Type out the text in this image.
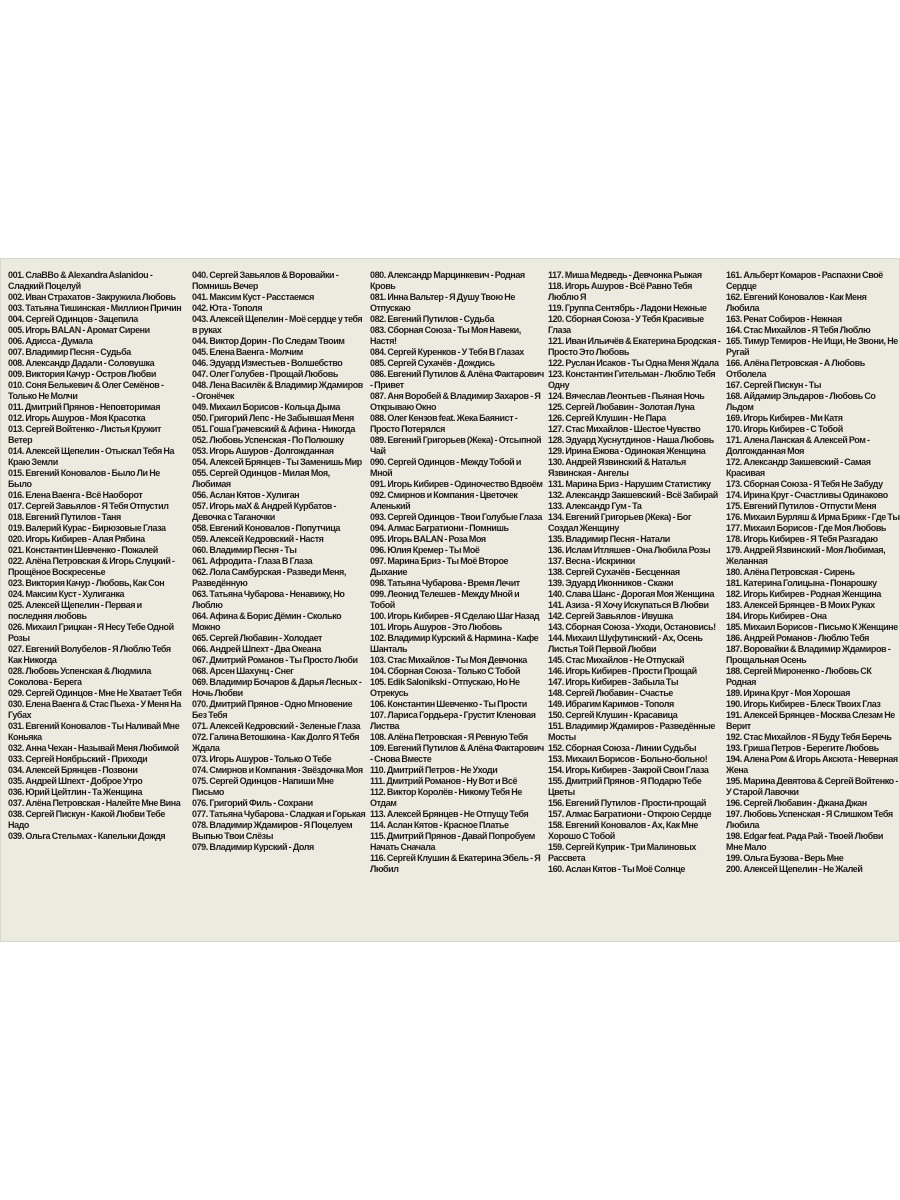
001. СлаВВо & Alexandra Aslanidou - Сладкий Поцелуй
002. Иван Страхатов - Закружила Любовь
003. Татьяна Тишинская - Миллион Причин
004. Сергей Одинцов - Зацепила
005. Игорь BALAN - Аромат Сирени
006. Адисса - Думала
007. Владимир Песня - Судьба
008. Александр Дадали - Соловушка
009. Виктория Качур - Остров Любви
010. Соня Белькевич & Олег Семёнов - Только Не Молчи
011. Дмитрий Прянов - Неповторимая
012. Игорь Ашуров - Моя Красотка
013. Сергей Войтенко - Листья Кружит Ветер
014. Алексей Щепелин - Отыскал Тебя На Краю Земли
015. Евгений Коновалов - Было Ли Не Было
016. Елена Ваенга - Всё Наоборот
017. Сергей Завьялов - Я Тебя Отпустил
018. Евгений Путилов - Таня
019. Валерий Курас - Бирюзовые Глаза
020. Игорь Кибирев - Алая Рябина
021. Константин Шевченко - Пожалей
022. Алёна Петровская & Игорь Слуцкий - Прощёное Воскресенье
023. Виктория Качур - Любовь, Как Сон
024. Максим Куст - Хулиганка
025. Алексей Щепелин - Первая и последняя любовь
026. Михаил Грицкан - Я Несу Тебе Одной Розы
027. Евгений Волубелов - Я Люблю Тебя Как Никогда
028. Любовь Успенская & Людмила Соколова - Берега
029. Сергей Одинцов - Мне Не Хватает Тебя
030. Елена Ваенга & Стас Пьеха - У Меня На Губах
031. Евгений Коновалов - Ты Наливай Мне Коньяка
032. Анна Чехан - Называй Меня Любимой
033. Сергей Ноябрьский - Приходи
034. Алексей Брянцев - Позвони
035. Андрей Шпехт - Доброе Утро
036. Юрий Цейтлин - Та Женщина
037. Алёна Петровская - Налейте Мне Вина
038. Сергей Пискун - Какой Любви Тебе Надо
039. Ольга Стельмах - Капельки Дождя
040. Сергей Завьялов & Воровайки - Помнишь Вечер
041. Максим Куст - Расстаемся
042. Юта - Тополя
043. Алексей Щепелин - Моё сердце у тебя в руках
044. Виктор Дорин - По Следам Твоим
045. Елена Ваенга - Молчим
046. Эдуард Изместьев - Волшебство
047. Олег Голубев - Прощай Любовь
048. Лена Василёк & Владимир Ждамиров - Огонёчек
049. Михаил Борисов - Кольца Дыма
050. Григорий Лепс - Не Забывшая Меня
051. Гоша Грачевский & Афина - Никогда
052. Любовь Успенская - По Полюшку
053. Игорь Ашуров - Долгожданная
054. Алексей Брянцев - Ты Заменишь Мир
055. Сергей Одинцов - Милая Моя, Любимая
056. Аслан Кятов - Хулиган
057. Игорь маХ & Андрей Курбатов - Девочка с Таганочки
058. Евгений Коновалов - Попутчица
059. Алексей Кедровский - Настя
060. Владимир Песня - Ты
061. Афродита - Глаза В Глаза
062. Лола Самбурская - Разведи Меня, Разведённую
063. Татьяна Чубарова - Ненавижу, Но Люблю
064. Афина & Борис Дёмин - Сколько Можно
065. Сергей Любавин - Холодает
066. Андрей Шпехт - Два Океана
067. Дмитрий Романов - Ты Просто Люби
068. Арсен Шахунц - Снег
069. Владимир Бочаров & Дарья Лесных - Ночь Любви
070. Дмитрий Прянов - Одно Мгновение Без Тебя
071. Алексей Кедровский - Зеленые Глаза
072. Галина Ветошкина - Как Долго Я Тебя Ждала
073. Игорь Ашуров - Только О Тебе
074. Смирнов и Компания - Звёздочка Моя
075. Сергей Одинцов - Напиши Мне Письмо
076. Григорий Филь - Сохрани
077. Татьяна Чубарова - Сладкая и Горькая
078. Владимир Ждамиров - Я Поцелуем Выпью Твои Слёзы
079. Владимир Курский - Доля
080. Александр Марцинкевич - Родная Кровь
081. Инна Вальтер - Я Душу Твою Не Отпускаю
082. Евгений Путилов - Судьба
083. Сборная Союза - Ты Моя Навеки, Настя!
084. Сергей Куренков - У Тебя В Глазах
085. Сергей Сухачёв - Дождись
086. Евгений Путилов & Алёна Фактарович - Привет
087. Аня Воробей & Владимир Захаров - Я Открываю Окно
088. Олег Кензов feat. Жека Баянист - Просто Потерялся
089. Евгений Григорьев (Жека) - Отсыпной Чай
090. Сергей Одинцов - Между Тобой и Мной
091. Игорь Кибирев - Одиночество Вдвоём
092. Смирнов и Компания - Цветочек Аленький
093. Сергей Одинцов - Твои Голубые Глаза
094. Алмас Багратиони - Помнишь
095. Игорь BALAN - Роза Моя
096. Юлия Кремер - Ты Моё
097. Марина Бриз - Ты Моё Второе Дыхание
098. Татьяна Чубарова - Время Лечит
099. Леонид Телешев - Между Мной и Тобой
100. Игорь Кибирев - Я Сделаю Шаг Назад
101. Игорь Ашуров - Это Любовь
102. Владимир Курский & Нармина - Кафе Шанталь
103. Стас Михайлов - Ты Моя Девчонка
104. Сборная Союза - Только С Тобой
105. Edik Salonikski - Отпускаю, Но Не Отрекусь
106. Константин Шевченко - Ты Прости
107. Лариса Гордьера - Грустит Кленовая Листва
108. Алёна Петровская - Я Ревную Тебя
109. Евгений Путилов & Алёна Фактарович - Снова Вместе
110. Дмитрий Петров - Не Уходи
111. Дмитрий Романов - Ну Вот и Всё
112. Виктор Королёв - Никому Тебя Не Отдам
113. Алексей Брянцев - Не Отпущу Тебя
114. Аслан Кятов - Красное Платье
115. Дмитрий Прянов - Давай Попробуем Начать Сначала
116. Сергей Клушин & Екатерина Эбель - Я Любил
117. Миша Медведь - Девчонка Рыжая
118. Игорь Ашуров - Всё Равно Тебя Люблю Я
119. Группа Сентябрь - Ладони Нежные
120. Сборная Союза - У Тебя Красивые Глаза
121. Иван Ильичёв & Екатерина Бродская - Просто Это Любовь
122. Руслан Исаков - Ты Одна Меня Ждала
123. Константин Гительман - Люблю Тебя Одну
124. Вячеслав Леонтьев - Пьяная Ночь
125. Сергей Любавин - Золотая Луна
126. Сергей Клушин - Не Пара
127. Стас Михайлов - Шестое Чувство
128. Эдуард Хуснутдинов - Наша Любовь
129. Ирина Ежова - Одинокая Женщина
130. Андрей Язвинский & Наталья Язвинская - Ангелы
131. Марина Бриз - Нарушим Статистику
132. Александр Закшевский - Всё Забирай
133. Александр Гум - Та
134. Евгений Григорьев (Жека) - Бог Создал Женщину
135. Владимир Песня - Натали
136. Ислам Итляшев - Она Любила Розы
137. Весна - Искринки
138. Сергей Сухачёв - Бесценная
139. Эдуард Иконников - Скажи
140. Слава Шанс - Дорогая Моя Женщина
141. Азиза - Я Хочу Искупаться В Любви
142. Сергей Завьялов - Ивушка
143. Сборная Союза - Уходи, Остановись!
144. Михаил Шуфутинский - Ах, Осень Листья Той Первой Любви
145. Стас Михайлов - Не Отпускай
146. Игорь Кибирев - Прости Прощай
147. Игорь Кибирев - Забыла Ты
148. Сергей Любавин - Счастье
149. Ибрагим Каримов - Тополя
150. Сергей Клушин - Красавица
151. Владимир Ждамиров - Разведённые Мосты
152. Сборная Союза - Линии Судьбы
153. Михаил Борисов - Больно-больно!
154. Игорь Кибирев - Закрой Свои Глаза
155. Дмитрий Прянов - Я Подарю Тебе Цветы
156. Евгений Путилов - Прости-прощай
157. Алмас Багратиони - Открою Сердце
158. Евгений Коновалов - Ах, Как Мне Хорошо С Тобой
159. Сергей Куприк - Три Малиновых Рассвета
160. Аслан Кятов - Ты Моё Солнце
161. Альберт Комаров - Распахни Своё Сердце
162. Евгений Коновалов - Как Меня Любила
163. Ренат Собиров - Нежная
164. Стас Михайлов - Я Тебя Люблю
165. Тимур Темиров - Не Ищи, Не Звони, Не Ругай
166. Алёна Петровская - А Любовь Отболела
167. Сергей Пискун - Ты
168. Айдамир Эльдаров - Любовь Со Льдом
169. Игорь Кибирев - Ми Катя
170. Игорь Кибирев - С Тобой
171. Алена Ланская & Алексей Ром - Долгожданная Моя
172. Александр Закшевский - Самая Красивая
173. Сборная Союза - Я Тебя Не Забуду
174. Ирина Круг - Счастливы Одинаково
175. Евгений Путилов - Отпусти Меня
176. Михаил Бурляш & Ирма Брикк - Где Ты
177. Михаил Борисов - Где Моя Любовь
178. Игорь Кибирев - Я Тебя Разгадаю
179. Андрей Язвинский - Моя Любимая, Желанная
180. Алёна Петровская - Сирень
181. Катерина Голицына - Понарошку
182. Игорь Кибирев - Родная Женщина
183. Алексей Брянцев - В Моих Руках
184. Игорь Кибирев - Она
185. Михаил Борисов - Письмо К Женщине
186. Андрей Романов - Люблю Тебя
187. Воровайки & Владимир Ждамиров - Прощальная Осень
188. Сергей Мироненко - Любовь СК Родная
189. Ирина Круг - Моя Хорошая
190. Игорь Кибирев - Блеск Твоих Глаз
191. Алексей Брянцев - Москва Слезам Не Верит
192. Стас Михайлов - Я Буду Тебя Беречь
193. Гриша Петров - Берегите Любовь
194. Алена Ром & Игорь Аксюта - Неверная Жена
195. Марина Девятова & Сергей Войтенко - У Старой Лавочки
196. Сергей Любавин - Джана Джан
197. Любовь Успенская - Я Слишком Тебя Любила
198. Edgar feat. Рада Рай - Твоей Любви Мне Мало
199. Ольга Бузова - Верь Мне
200. Алексей Щепелин - Не Жалей
